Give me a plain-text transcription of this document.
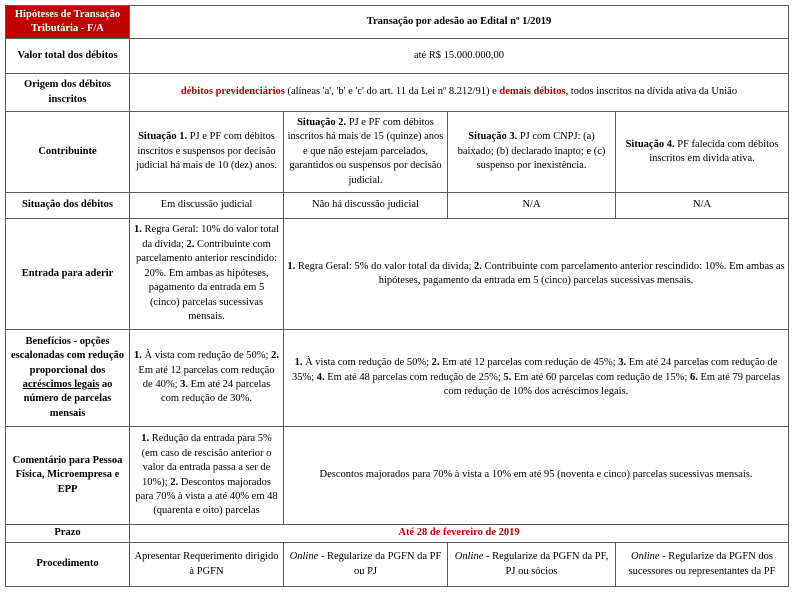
Hipóteses de Transação Tributária - F/A	Transação por adesão ao Edital nº 1/2019			
Valor total dos débitos	até R$ 15.000.000,00			
Origem dos débitos inscritos	débitos previdenciários (alíneas 'a', 'b' e 'c' do art. 11 da Lei nº 8.212/91) e demais débitos, todos inscritos na dívida ativa da União			
Contribuinte	Situação 1. PJ e PF com débitos inscritos e suspensos por decisão judicial há mais de 10 (dez) anos.	Situação 2. PJ e PF com débitos inscritos há mais de 15 (quinze) anos e que não estejam parcelados, garantidos ou suspensos por decisão judicial.	Situação 3. PJ com CNPJ: (a) baixado; (b) declarado inapto; e (c) suspenso por inexistência.	Situação 4. PF falecida com débitos inscritos em dívida ativa.
Situação dos débitos	Em discussão judicial	Não há discussão judicial	N/A	N/A
Entrada para aderir	1. Regra Geral: 10% do valor total da dívida; 2. Contribuinte com parcelamento anterior rescindido: 20%. Em ambas as hipóteses, pagamento da entrada em 5 (cinco) parcelas sucessivas mensais.	1. Regra Geral: 5% do valor total da dívida; 2. Contribuinte com parcelamento anterior rescindido: 10%. Em ambas as hipóteses, pagamento da entrada em 5 (cinco) parcelas sucessivas mensais.		
Benefícios - opções escalonadas com redução proporcional dos acréscimos legais ao número de parcelas mensais	1. À vista com redução de 50%; 2. Em até 12 parcelas com redução de 40%; 3. Em até 24 parcelas com redução de 30%.	1. À vista com redução de 50%; 2. Em até 12 parcelas com redução de 45%; 3. Em até 24 parcelas com redução de 35%; 4. Em até 48 parcelas com redução de 25%; 5. Em até 60 parcelas com redução de 15%; 6. Em até 79 parcelas com redução de 10% dos acréscimos legais.		
Comentário para Pessoa Física, Microempresa e EPP	1. Redução da entrada para 5% (em caso de rescisão anterior o valor da entrada passa a ser de 10%); 2. Descontos majorados para 70% à vista a até 40% em 48 (quarenta e oito) parcelas	Descontos majorados para 70% à vista a 10% em até 95 (noventa e cinco) parcelas sucessivas mensais.		
Prazo	Até 28 de fevereiro de 2019			
Procedimento	Apresentar Requerimento dirigido à PGFN	Online - Regularize da PGFN da PF ou PJ	Online - Regularize da PGFN da PF, PJ ou sócios	Online - Regularize da PGFN dos sucessores ou representantes da PF
